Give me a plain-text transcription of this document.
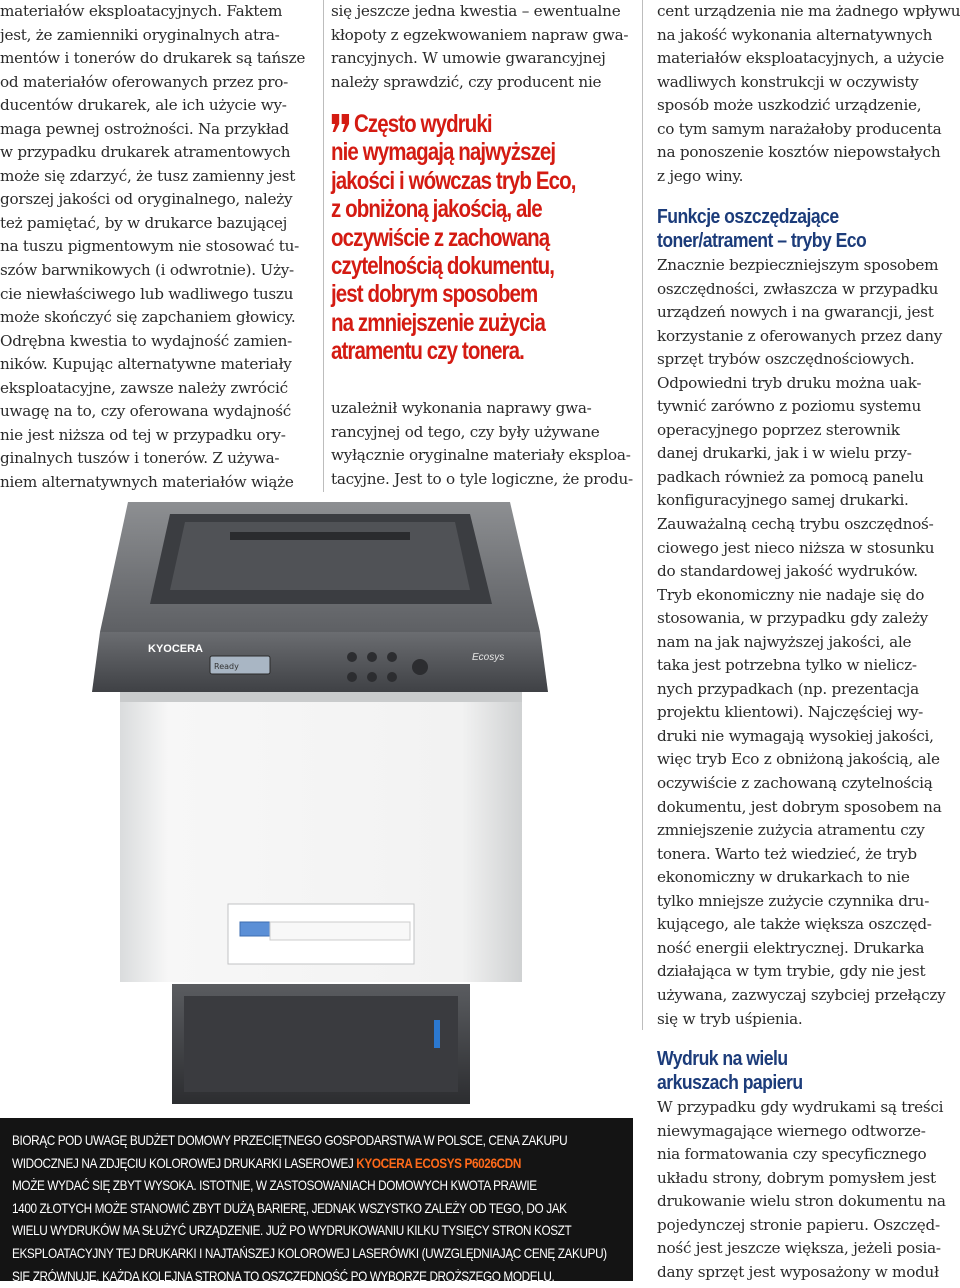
materiałów eksploatacyjnych. Faktem
jest, że zamienniki oryginalnych atra-
mentów i tonerów do drukarek są tańsze
od materiałów oferowanych przez pro-
ducentów drukarek, ale ich użycie wy-
maga pewnej ostrożności. Na przykład
w przypadku drukarek atramentowych
może się zdarzyć, że tusz zamienny jest
gorszej jakości od oryginalnego, należy
też pamiętać, by w drukarce bazującej
na tuszu pigmentowym nie stosować tu-
szów barwnikowych (i odwrotnie). Uży-
cie niewłaściwego lub wadliwego tuszu
może skończyć się zapchaniem głowicy.
Odrębna kwestia to wydajność zamien-
ników. Kupując alternatywne materiały
eksploatacyjne, zawsze należy zwrócić
uwagę na to, czy oferowana wydajność
nie jest niższa od tej w przypadku ory-
ginalnych tuszów i tonerów. Z używa-
niem alternatywnych materiałów wiąże
się jeszcze jedna kwestia – ewentualne
kłopoty z egzekwowaniem napraw gwa-
rancyjnych. W umowie gwarancyjnej
należy sprawdzić, czy producent nie
Często wydruki
nie wymagają najwyższej
jakości i wówczas tryb Eco,
z obniżoną jakością, ale
oczywiście z zachowaną
czytelnością dokumentu,
jest dobrym sposobem
na zmniejszenie zużycia
atramentu czy tonera.
uzależnił wykonania naprawy gwa-
rancyjnej od tego, czy były używane
wyłącznie oryginalne materiały eksploa-
tacyjne. Jest to o tyle logiczne, że produ-
cent urządzenia nie ma żadnego wpływu
na jakość wykonania alternatywnych
materiałów eksploatacyjnych, a użycie
wadliwych konstrukcji w oczywisty
sposób może uszkodzić urządzenie,
co tym samym narażałoby producenta
na ponoszenie kosztów niepowstałych
z jego winy.
Funkcje oszczędzające
toner/atrament – tryby Eco
Znacznie bezpieczniejszym sposobem
oszczędności, zwłaszcza w przypadku
urządzeń nowych i na gwarancji, jest
korzystanie z oferowanych przez dany
sprzęt trybów oszczędnościowych.
Odpowiedni tryb druku można uak-
tywnić zarówno z poziomu systemu
operacyjnego poprzez sterownik
danej drukarki, jak i w wielu przy-
padkach również za pomocą panelu
konfiguracyjnego samej drukarki.
Zauważalną cechą trybu oszczędnoś-
ciowego jest nieco niższa w stosunku
do standardowej jakość wydruków.
Tryb ekonomiczny nie nadaje się do
stosowania, w przypadku gdy zależy
nam na jak najwyższej jakości, ale
taka jest potrzebna tylko w nielicz-
nych przypadkach (np. prezentacja
projektu klientowi). Najczęściej wy-
druki nie wymagają wysokiej jakości,
więc tryb Eco z obniżoną jakością, ale
oczywiście z zachowaną czytelnością
dokumentu, jest dobrym sposobem na
zmniejszenie zużycia atramentu czy
tonera. Warto też wiedzieć, że tryb
ekonomiczny w drukarkach to nie
tylko mniejsze zużycie czynnika dru-
kującego, ale także większa oszczęd-
ność energii elektrycznej. Drukarka
działająca w tym trybie, gdy nie jest
używana, zazwyczaj szybciej przełączy
się w tryb uśpienia.
Wydruk na wielu
arkuszach papieru
W przypadku gdy wydrukami są treści
niewymagające wiernego odtworze-
nia formatowania czy specyficznego
układu strony, dobrym pomysłem jest
drukowanie wielu stron dokumentu na
pojedynczej stronie papieru. Oszczęd-
ność jest jeszcze większa, jeżeli posia-
dany sprzęt jest wyposażony w moduł
Ready
KYOCERA
Ecosys
BIORĄC POD UWAGĘ BUDŻET DOMOWY PRZECIĘTNEGO GOSPODARSTWA W POLSCE, CENA ZAKUPU
WIDOCZNEJ NA ZDJĘCIU KOLOROWEJ DRUKARKI LASEROWEJ KYOCERA ECOSYS P6026CDN
MOŻE WYDAĆ SIĘ ZBYT WYSOKA. ISTOTNIE, W ZASTOSOWANIACH DOMOWYCH KWOTA PRAWIE
1400 ZŁOTYCH MOŻE STANOWIĆ ZBYT DUŻĄ BARIERĘ, JEDNAK WSZYSTKO ZALEŻY OD TEGO, DO JAK
WIELU WYDRUKÓW MA SŁUŻYĆ URZĄDZENIE. JUŻ PO WYDRUKOWANIU KILKU TYSIĘCY STRON KOSZT
EKSPLOATACYJNY TEJ DRUKARKI I NAJTAŃSZEJ KOLOROWEJ LASERÓWKI (UWZGLĘDNIAJĄC CENĘ ZAKUPU)
SIĘ ZRÓWNUJE. KAŻDA KOLEJNA STRONA TO OSZCZĘDNOŚĆ PO WYBORZE DROŻSZEGO MODELU.
